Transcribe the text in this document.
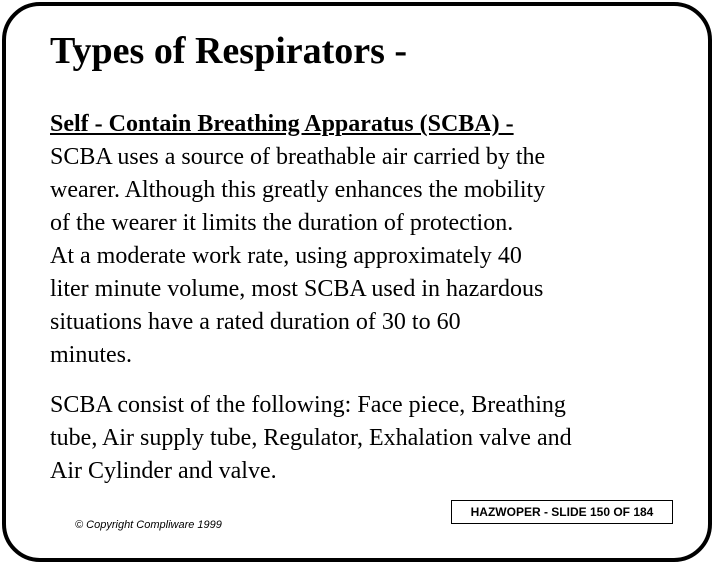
Types of Respirators -
Self - Contain Breathing Apparatus (SCBA) -
SCBA uses a source of breathable air carried by the
wearer. Although this greatly enhances the mobility
of the wearer it limits the duration of protection.
At a moderate work rate, using approximately 40
liter minute volume, most SCBA used in hazardous
situations have a rated duration of 30 to 60
minutes.
SCBA consist of the following: Face piece, Breathing
tube, Air supply tube, Regulator, Exhalation valve and
Air Cylinder and valve.
© Copyright Compliware 1999
HAZWOPER - SLIDE 150 OF 184
